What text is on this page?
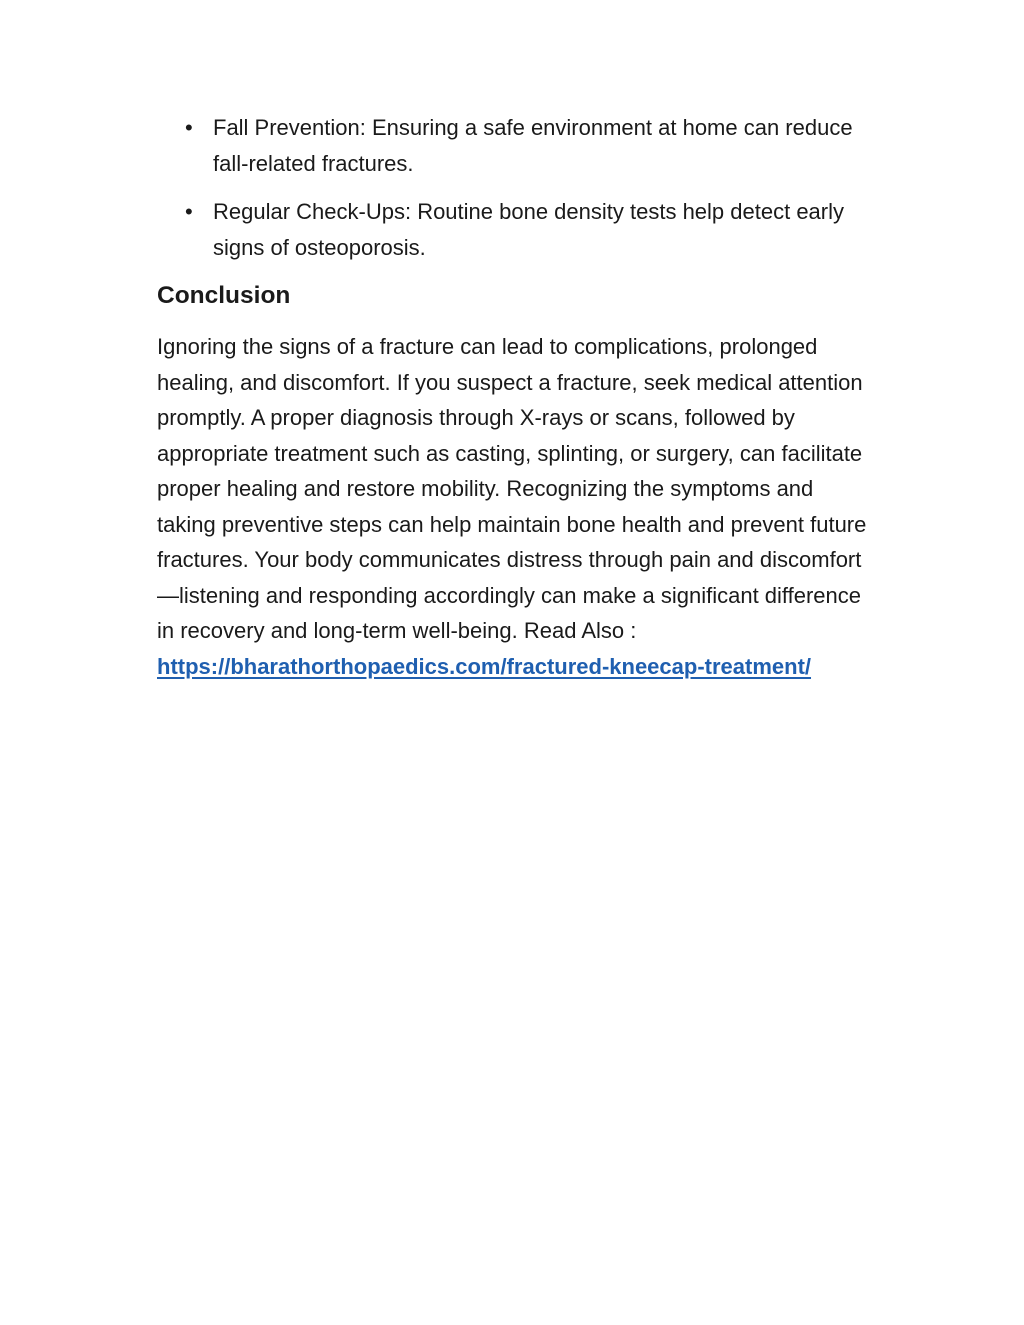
• Fall Prevention: Ensuring a safe environment at home can reduce fall-related fractures.
• Regular Check-Ups: Routine bone density tests help detect early signs of osteoporosis.
Conclusion

Ignoring the signs of a fracture can lead to complications, prolonged healing, and discomfort. If you suspect a fracture, seek medical attention promptly. A proper diagnosis through X-rays or scans, followed by appropriate treatment such as casting, splinting, or surgery, can facilitate proper healing and restore mobility. Recognizing the symptoms and taking preventive steps can help maintain bone health and prevent future fractures. Your body communicates distress through pain and discomfort—listening and responding accordingly can make a significant difference in recovery and long-term well-being. Read Also :
https://bharathorthopaedics.com/fractured-kneecap-treatment/
